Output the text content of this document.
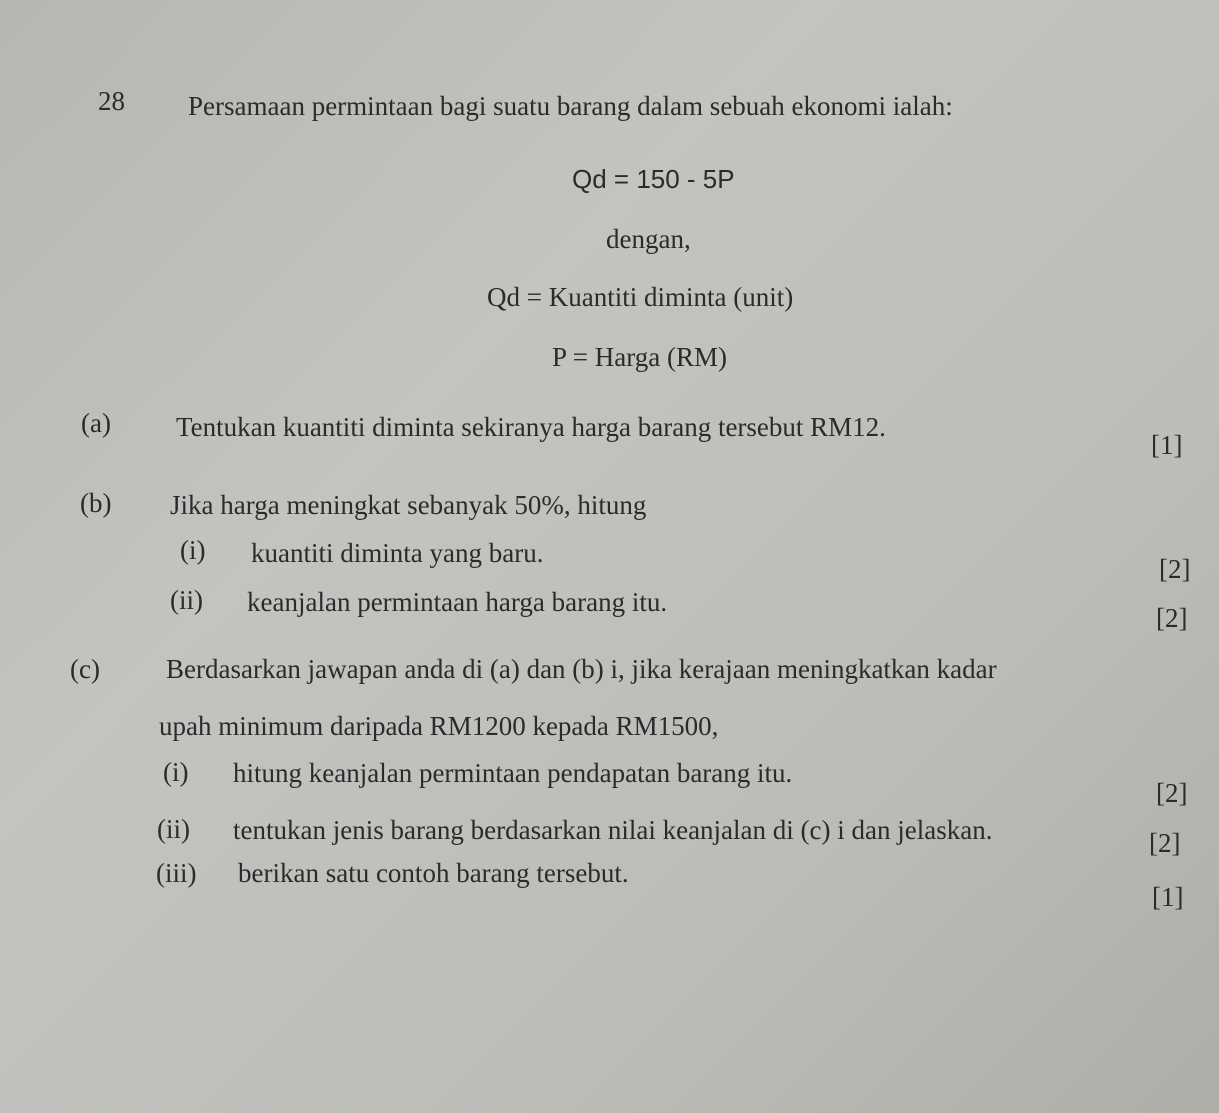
28 Persamaan permintaan bagi suatu barang dalam sebuah ekonomi ialah:
Qd = 150 - 5P
dengan,
Qd = Kuantiti diminta (unit)
P = Harga (RM)
(a) Tentukan kuantiti diminta sekiranya harga barang tersebut RM12.
[1]
(b) Jika harga meningkat sebanyak 50%, hitung
(i) kuantiti diminta yang baru.
[2]
(ii) keanjalan permintaan harga barang itu.
[2]
(c) Berdasarkan jawapan anda di (a) dan (b) i, jika kerajaan meningkatkan kadar
upah minimum daripada RM1200 kepada RM1500,
(i) hitung keanjalan permintaan pendapatan barang itu.
[2]
(ii) tentukan jenis barang berdasarkan nilai keanjalan di (c) i dan jelaskan.	[2]
(iii) berikan satu contoh barang tersebut.
[1]
